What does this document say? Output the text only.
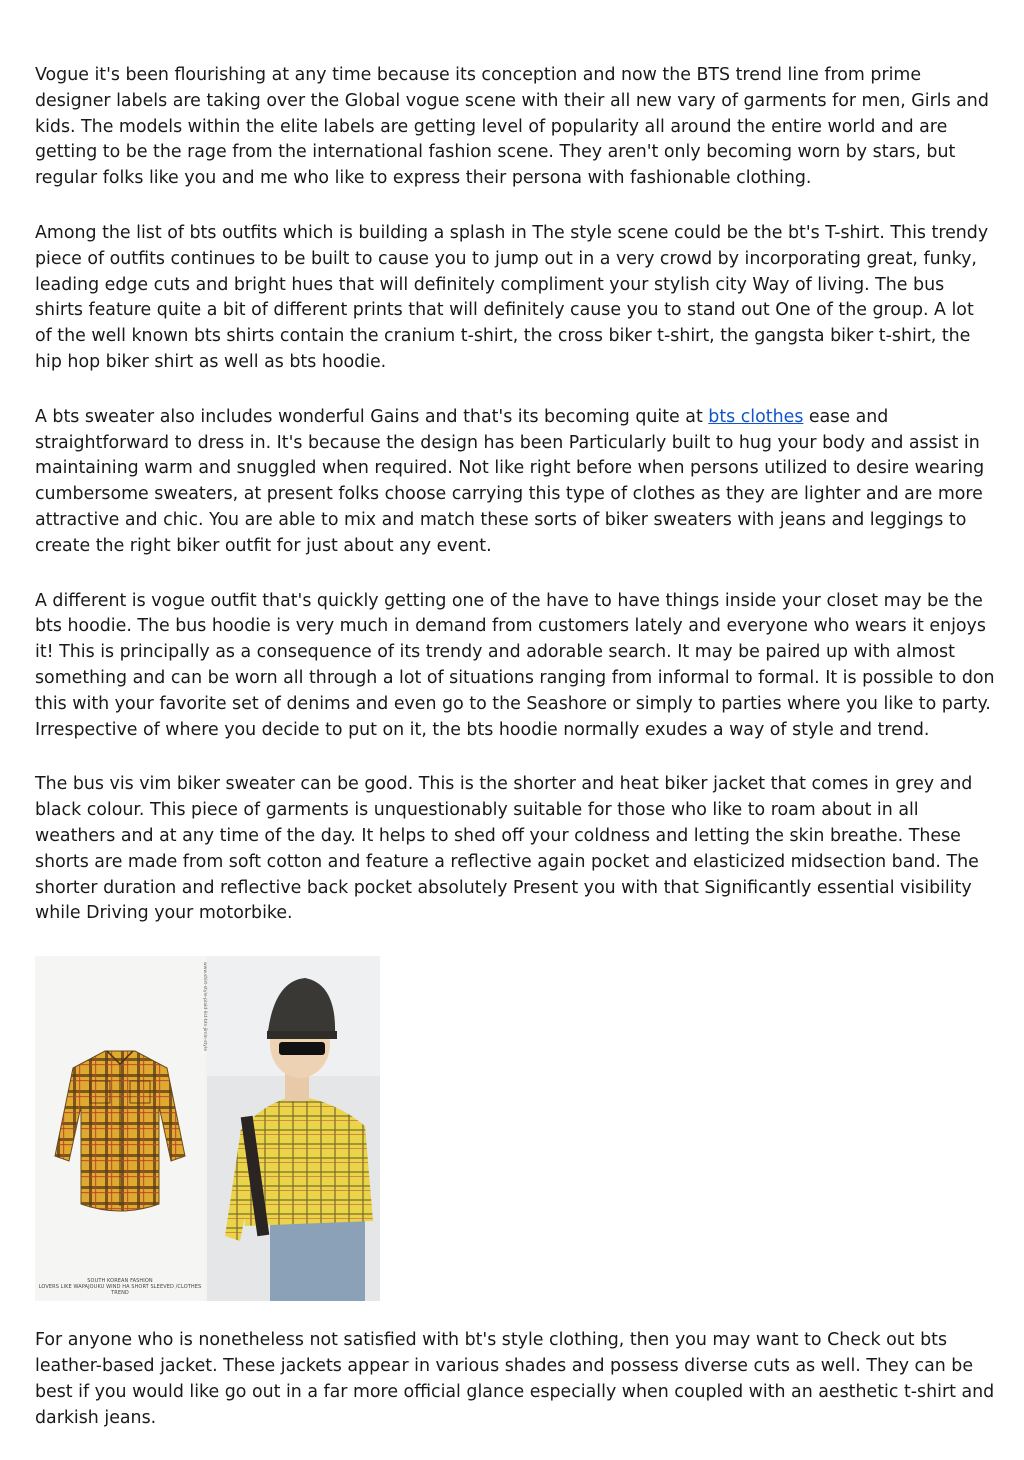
Vogue it's been flourishing at any time because its conception and now the BTS trend line from prime designer labels are taking over the Global vogue scene with their all new vary of garments for men, Girls and kids. The models within the elite labels are getting level of popularity all around the entire world and are getting to be the rage from the international fashion scene. They aren't only becoming worn by stars, but regular folks like you and me who like to express their persona with fashionable clothing.

Among the list of bts outfits which is building a splash in The style scene could be the bt's T-shirt. This trendy piece of outfits continues to be built to cause you to jump out in a very crowd by incorporating great, funky, leading edge cuts and bright hues that will definitely compliment your stylish city Way of living. The bus shirts feature quite a bit of different prints that will definitely cause you to stand out One of the group. A lot of the well known bts shirts contain the cranium t-shirt, the cross biker t-shirt, the gangsta biker t-shirt, the hip hop biker shirt as well as bts hoodie.

A bts sweater also includes wonderful Gains and that's its becoming quite at bts clothes ease and straightforward to dress in. It's because the design has been Particularly built to hug your body and assist in maintaining warm and snuggled when required. Not like right before when persons utilized to desire wearing cumbersome sweaters, at present folks choose carrying this type of clothes as they are lighter and are more attractive and chic. You are able to mix and match these sorts of biker sweaters with jeans and leggings to create the right biker outfit for just about any event.

A different is vogue outfit that's quickly getting one of the have to have things inside your closet may be the bts hoodie. The bus hoodie is very much in demand from customers lately and everyone who wears it enjoys it! This is principally as a consequence of its trendy and adorable search. It may be paired up with almost something and can be worn all through a lot of situations ranging from informal to formal. It is possible to don this with your favorite set of denims and even go to the Seashore or simply to parties where you like to party. Irrespective of where you decide to put on it, the bts hoodie normally exudes a way of style and trend.

The bus vis vim biker sweater can be good. This is the shorter and heat biker jacket that comes in grey and black colour. This piece of garments is unquestionably suitable for those who like to roam about in all weathers and at any time of the day. It helps to shed off your coldness and letting the skin breathe. These shorts are made from soft cotton and feature a reflective again pocket and elasticized midsection band. The shorter duration and reflective back pocket absolutely Present you with that Significantly essential visibility while Driving your motorbike.

SOUTH KOREAN FASHION
LOVERS LIKE WAPAJOUKU WIND HA SHORT SLEEVED /CLOTHES TREND
www.shirt-style-plaid-list-bts-jimin-style

For anyone who is nonetheless not satisfied with bt's style clothing, then you may want to Check out bts leather-based jacket. These jackets appear in various shades and possess diverse cuts as well. They can be best if you would like go out in a far more official glance especially when coupled with an aesthetic t-shirt and darkish jeans.
